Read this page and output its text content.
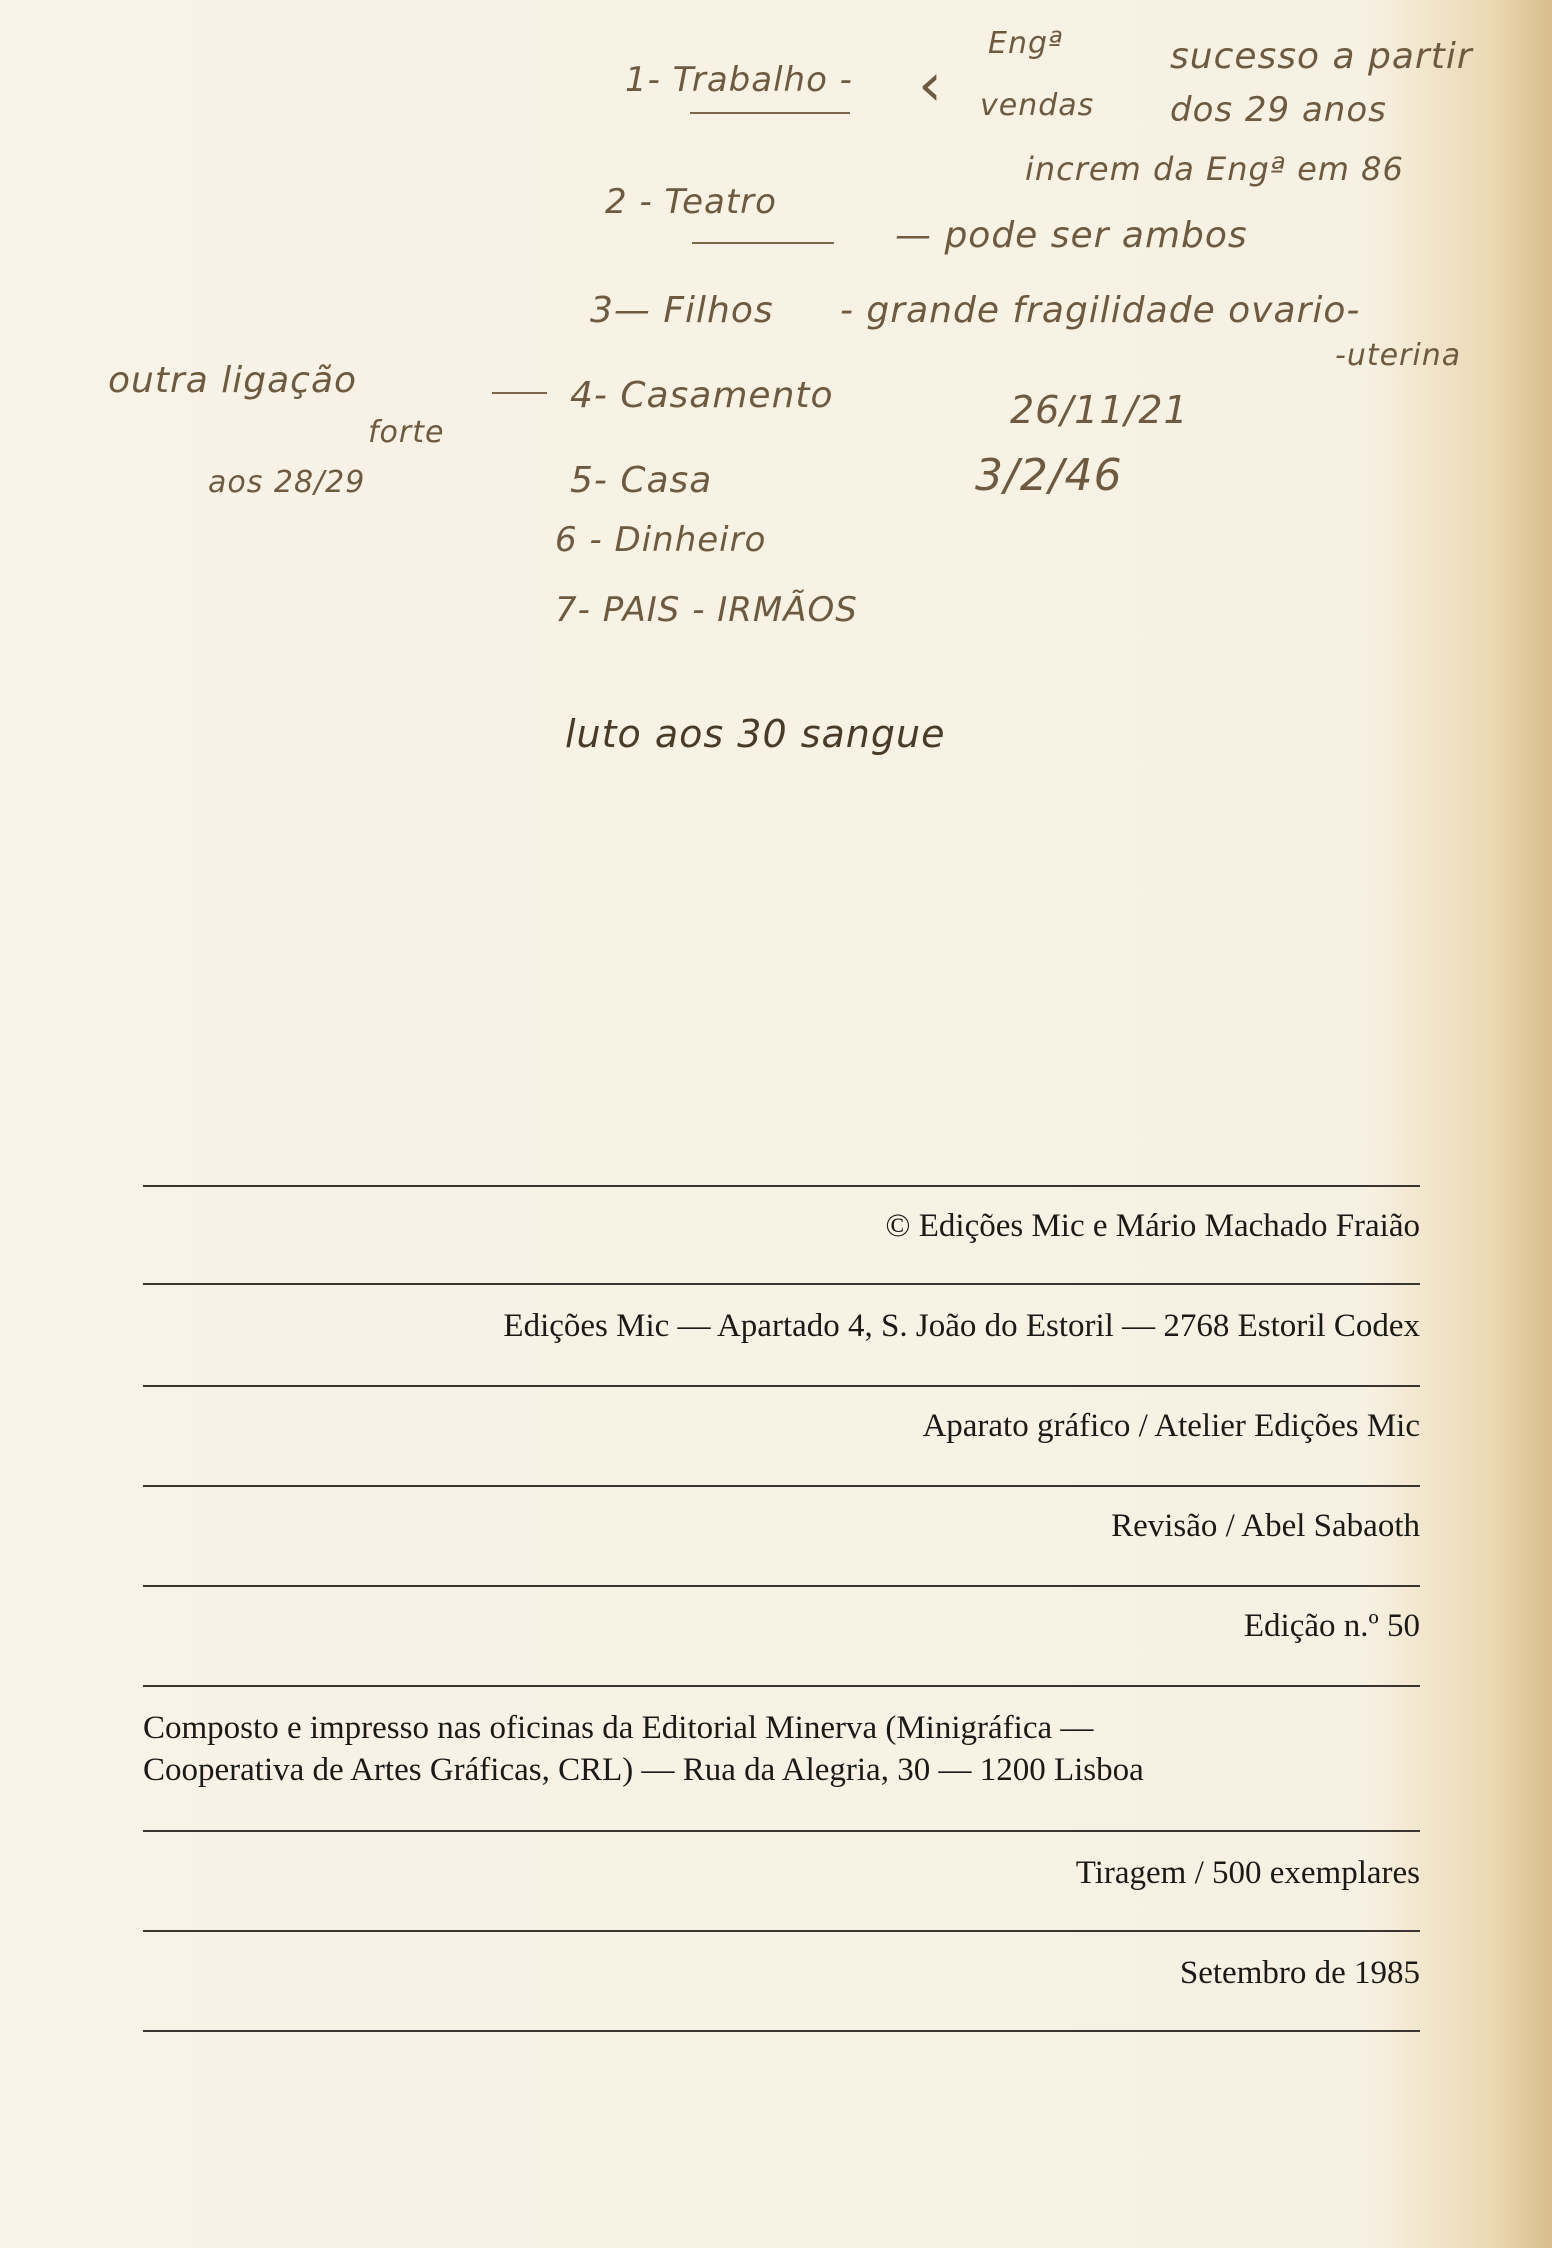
1- Trabalho - ‹
Engª	sucesso a partir
vendas dos 29 anos
increm da Engª em 86
2 - Teatro
— pode ser ambos
3— Filhos - grande fragilidade ovario-
-uterina
outra ligação
forte
aos 28/29
4- Casamento	26/11/21
5- Casa	3/2/46
6 - Dinheiro
7- PAIS - IRMÃOS
luto aos 30 sangue
© Edições Mic e Mário Machado Fraião
Edições Mic — Apartado 4, S. João do Estoril — 2768 Estoril Codex
Aparato gráfico / Atelier Edições Mic
Revisão / Abel Sabaoth
Edição n.º 50
Composto e impresso nas oficinas da Editorial Minerva (Minigráfica —
Cooperativa de Artes Gráficas, CRL) — Rua da Alegria, 30 — 1200 Lisboa
Tiragem / 500 exemplares
Setembro de 1985
